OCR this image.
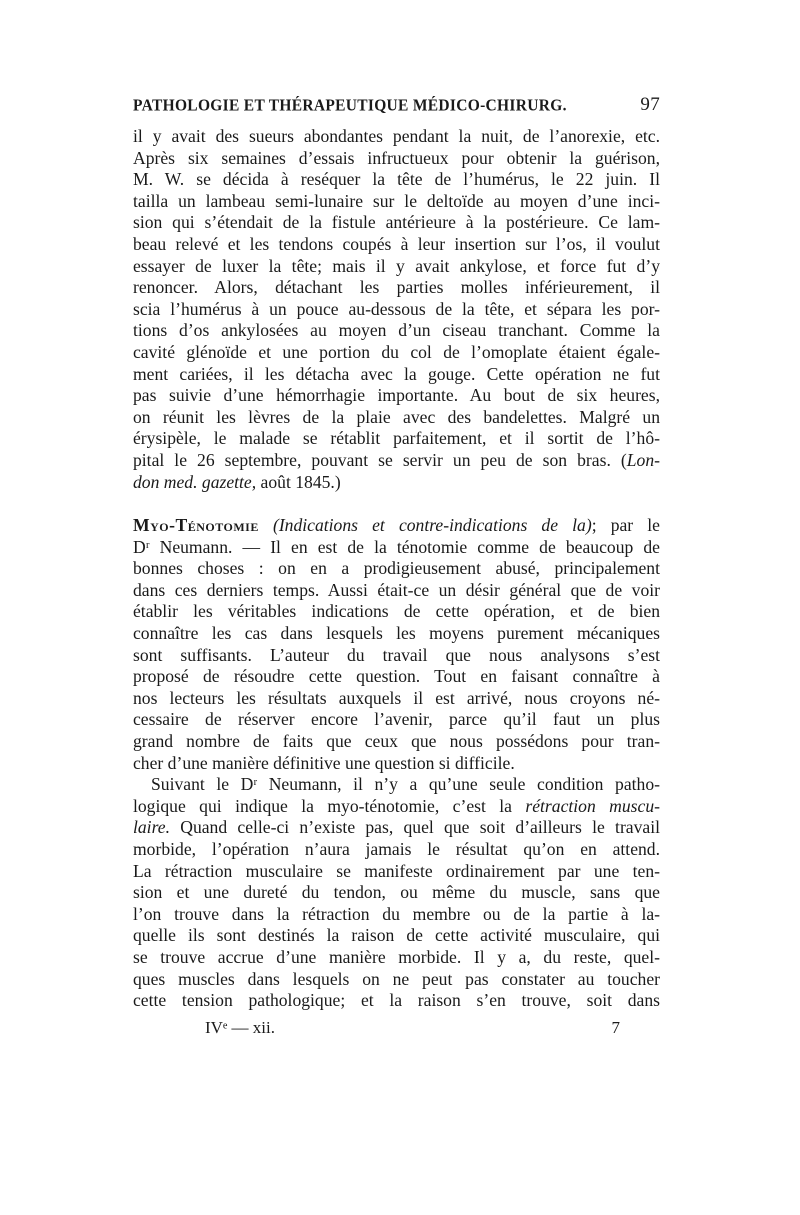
PATHOLOGIE ET THÉRAPEUTIQUE MÉDICO-CHIRURG.	97
il y avait des sueurs abondantes pendant la nuit, de l’anorexie, etc.
Après six semaines d’essais infructueux pour obtenir la guérison,
M. W. se décida à reséquer la tête de l’humérus, le 22 juin. Il
tailla un lambeau semi-lunaire sur le deltoïde au moyen d’une inci-
sion qui s’étendait de la fistule antérieure à la postérieure. Ce lam-
beau relevé et les tendons coupés à leur insertion sur l’os, il voulut
essayer de luxer la tête; mais il y avait ankylose, et force fut d’y
renoncer. Alors, détachant les parties molles inférieurement, il
scia l’humérus à un pouce au-dessous de la tête, et sépara les por-
tions d’os ankylosées au moyen d’un ciseau tranchant. Comme la
cavité glénoïde et une portion du col de l’omoplate étaient égale-
ment cariées, il les détacha avec la gouge. Cette opération ne fut
pas suivie d’une hémorrhagie importante. Au bout de six heures,
on réunit les lèvres de la plaie avec des bandelettes. Malgré un
érysipèle, le malade se rétablit parfaitement, et il sortit de l’hô-
pital le 26 septembre, pouvant se servir un peu de son bras. (Lon-
don med. gazette, août 1845.)
Myo-Ténotomie (Indications et contre-indications de la); par le
Dʳ Neumann. — Il en est de la ténotomie comme de beaucoup de
bonnes choses : on en a prodigieusement abusé, principalement
dans ces derniers temps. Aussi était-ce un désir général que de voir
établir les véritables indications de cette opération, et de bien
connaître les cas dans lesquels les moyens purement mécaniques
sont suffisants. L’auteur du travail que nous analysons s’est
proposé de résoudre cette question. Tout en faisant connaître à
nos lecteurs les résultats auxquels il est arrivé, nous croyons né-
cessaire de réserver encore l’avenir, parce qu’il faut un plus
grand nombre de faits que ceux que nous possédons pour tran-
cher d’une manière définitive une question si difficile.
Suivant le Dʳ Neumann, il n’y a qu’une seule condition patho-
logique qui indique la myo-ténotomie, c’est la rétraction muscu-
laire. Quand celle-ci n’existe pas, quel que soit d’ailleurs le travail
morbide, l’opération n’aura jamais le résultat qu’on en attend.
La rétraction musculaire se manifeste ordinairement par une ten-
sion et une dureté du tendon, ou même du muscle, sans que
l’on trouve dans la rétraction du membre ou de la partie à la-
quelle ils sont destinés la raison de cette activité musculaire, qui
se trouve accrue d’une manière morbide. Il y a, du reste, quel-
ques muscles dans lesquels on ne peut pas constater au toucher
cette tension pathologique; et la raison s’en trouve, soit dans
IVᵉ — xii.	7
